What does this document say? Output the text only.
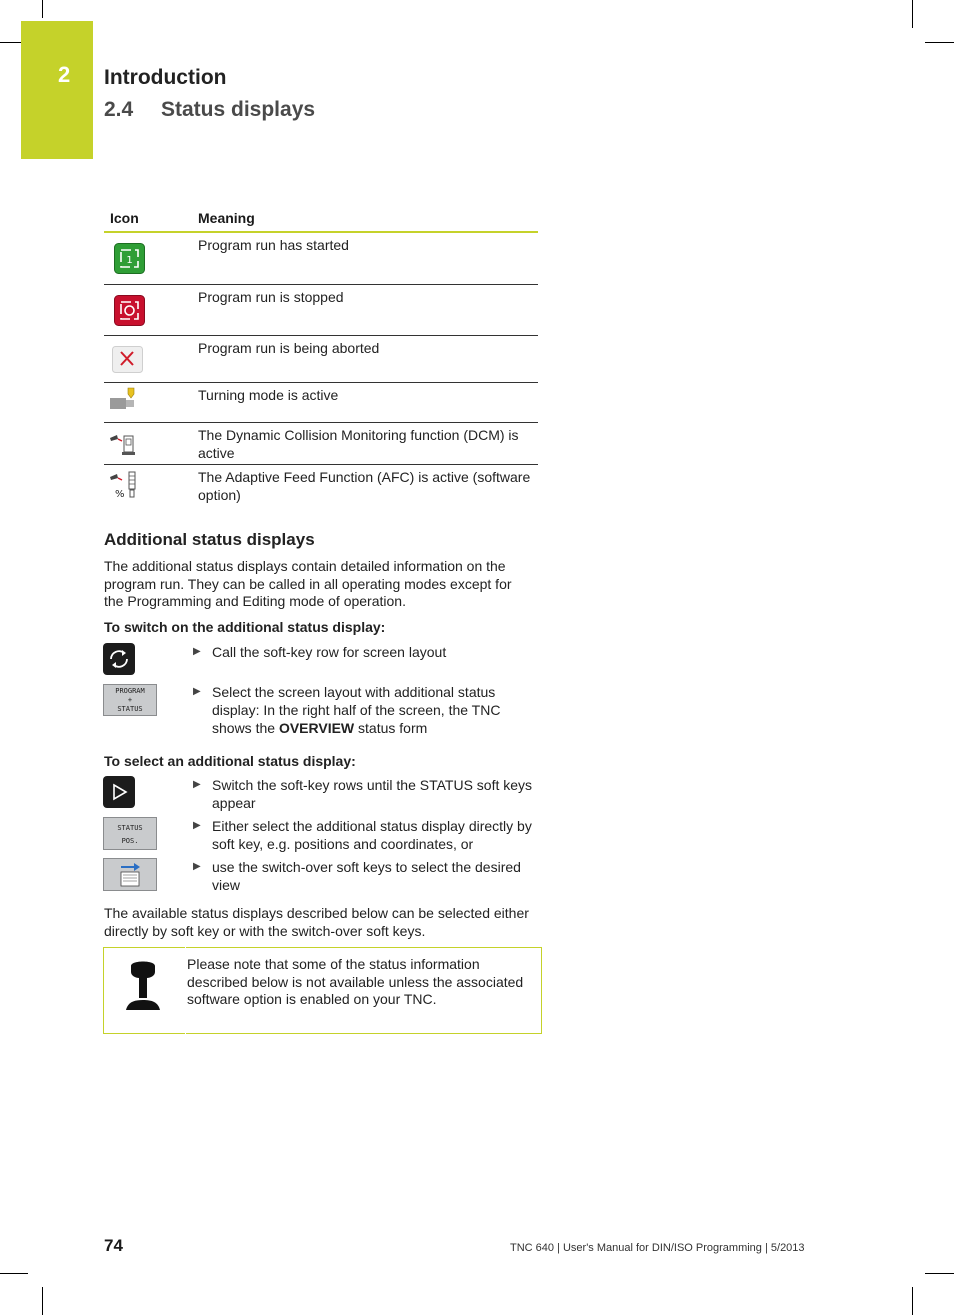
2 Introduction
2.4 Status displays
Icon	Meaning
1
Program run has started
Program run is stopped
Program run is being aborted
Turning mode is active
The Dynamic Collision Monitoring function (DCM) is active
%
The Adaptive Feed Function (AFC) is active (software option)
Additional status displays
The additional status displays contain detailed information on the program run. They can be called in all operating modes except for the Programming and Editing mode of operation.
To switch on the additional status display:
▶ Call the soft-key row for screen layout
PROGRAM
+
STATUS
▶ Select the screen layout with additional status display: In the right half of the screen, the TNC shows the OVERVIEW status form
To select an additional status display:
▶ Switch the soft-key rows until the STATUS soft keys appear
STATUS
POS.
▶ Either select the additional status display directly by soft key, e.g. positions and coordinates, or
▶ use the switch-over soft keys to select the desired view
The available status displays described below can be selected either directly by soft key or with the switch-over soft keys.
Please note that some of the status information described below is not available unless the associated software option is enabled on your TNC.
74	TNC 640 | User's Manual for DIN/ISO Programming | 5/2013
